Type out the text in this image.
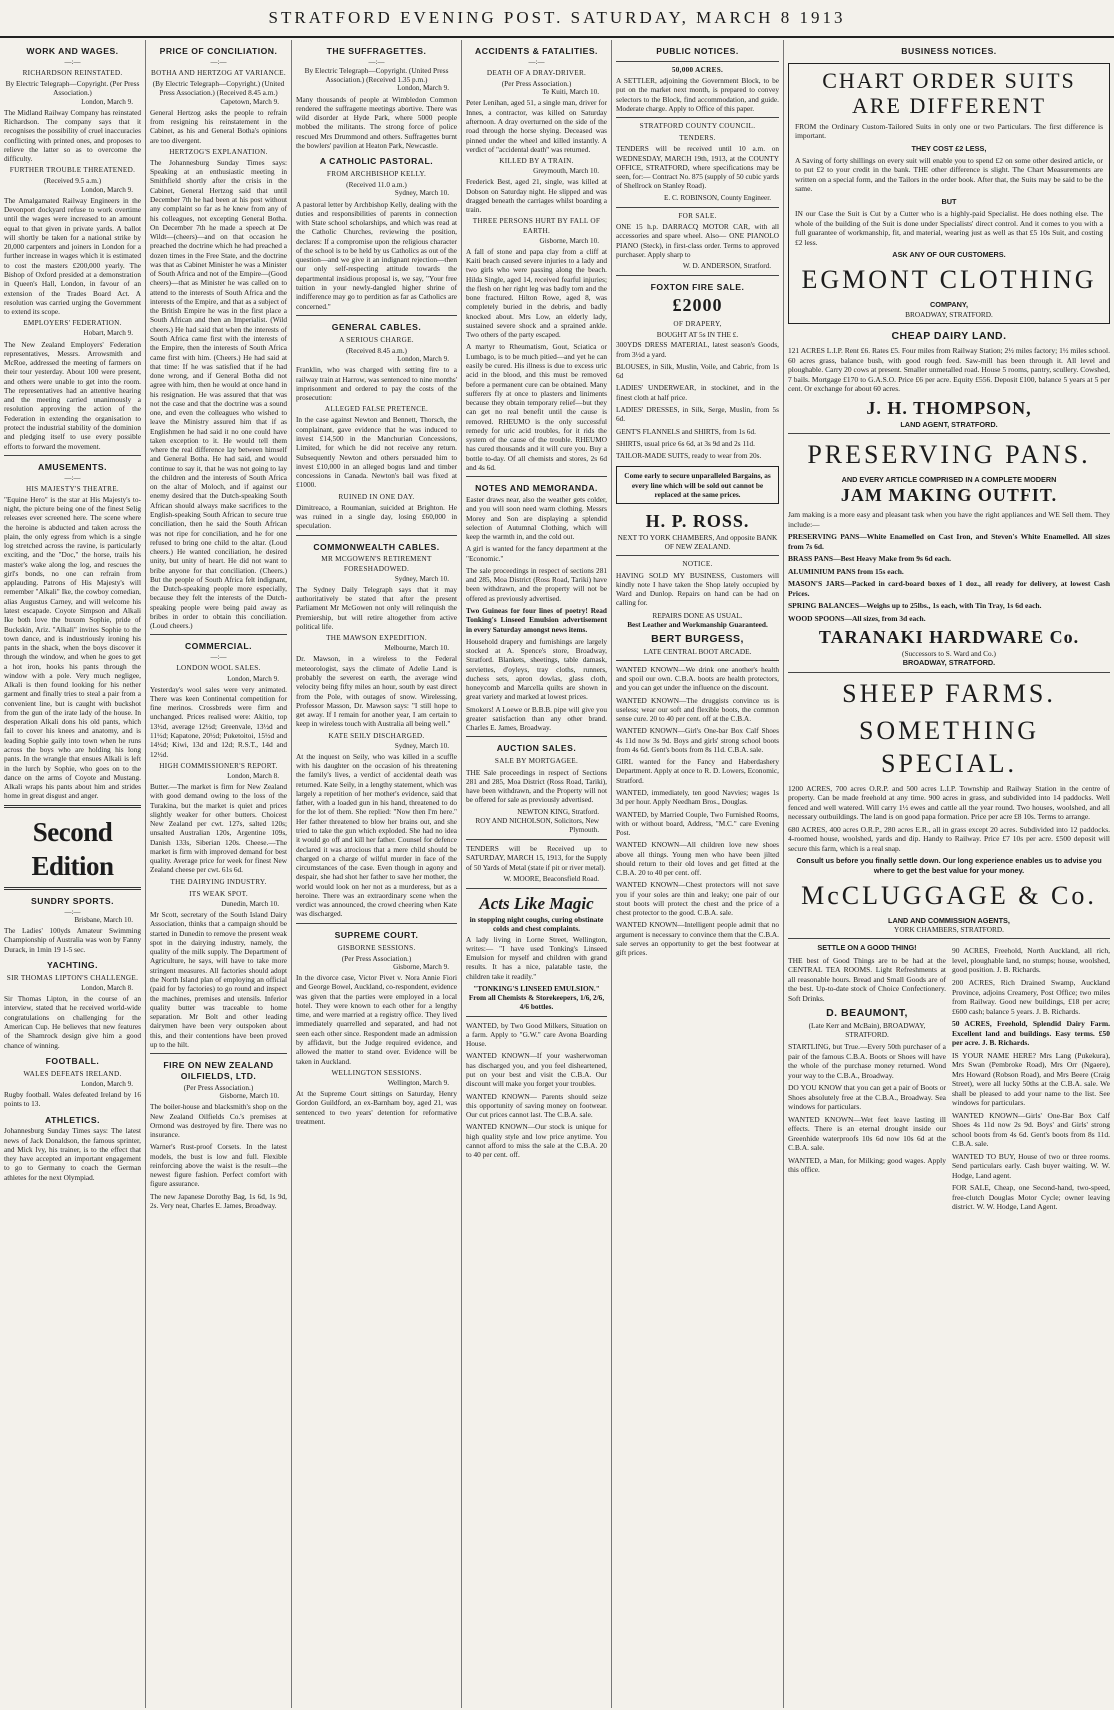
STRATFORD EVENING POST. SATURDAY, MARCH 8 1913
WORK AND WAGES.
—:—
RICHARDSON REINSTATED.
By Electric Telegraph—Copyright. (Per Press Association.)
London, March 9.
The Midland Railway Company has reinstated Richardson. The company says that it recognises the possibility of cruel inaccuracies conflicting with printed ones, and proposes to relieve the latter so as to overcome the difficulty.
FURTHER TROUBLE THREATENED.
(Received 9.5 a.m.)
London, March 9.
The Amalgamated Railway Engineers in the Devonport dockyard refuse to work overtime until the wages were increased to an amount equal to that given in private yards. A ballot will shortly be taken for a national strike by 20,000 carpenters and joiners in London for a further increase in wages which it is estimated to cost the masters £200,000 yearly. The Bishop of Oxford presided at a demonstration in Queen's Hall, London, in favour of an extension of the Trades Board Act. A resolution was carried urging the Government to extend its scope.
EMPLOYERS' FEDERATION.
Hobart, March 9.
The New Zealand Employers' Federation representatives, Messrs. Arrowsmith and McRoe, addressed the meeting of farmers on their tour yesterday. About 100 were present, and others were unable to get into the room. The representatives had an attentive hearing and the meeting carried unanimously a resolution approving the action of the Federation in extending the organisation to protect the industrial stability of the dominion and pledging itself to use every possible efforts to forward the movement.
AMUSEMENTS.
—:—
HIS MAJESTY'S THEATRE.
"Equine Hero" is the star at His Majesty's to-night, the picture being one of the finest Selig releases ever screened here. The scene where the heroine is abducted and taken across the plain, the only egress from which is a single log stretched across the ravine, is particularly exciting, and the "Doc," the horse, trails his master's wake along the log, and rescues the girl's bonds, no one can refrain from applauding. Patrons of His Majesty's will remember "Alkali" Ike, the cowboy comedian, alias Augustus Carney, and will welcome his latest escapade. Coyote Simpson and Alkali Ike both love the buxom Sophie, pride of Buckskin, Ariz. "Alkali" invites Sophie to the town dance, and is industriously ironing his pants in the shack, when the boys discover it through the window, and when he goes to get a hot iron, hooks his pants through the window with a pole. Very much negligee, Alkali is then found looking for his nether garment and finally tries to steal a pair from a convenient line, but is caught with buckshot from the gun of the irate lady of the house. In desperation Alkali dons his old pants, which fail to cover his knees and anatomy, and is leading Sophie gaily into town when he runs across the boys who are holding his long pants. In the wrangle that ensues Alkali is left in the lurch by Sophie, who goes on to the dance on the arms of Coyote and Mustang. Alkali wraps his pants about him and strides home in great disgust and anger.
Second Edition
SUNDRY SPORTS.
—:—
Brisbane, March 10.
The Ladies' 100yds Amateur Swimming Championship of Australia was won by Fanny Durack, in 1min 19 1-5 sec.
YACHTING.
SIR THOMAS LIPTON'S CHALLENGE.
London, March 8.
Sir Thomas Lipton, in the course of an interview, stated that he received world-wide congratulations on challenging for the American Cup. He believes that new features of the Shamrock design give him a good chance of winning.
FOOTBALL.
WALES DEFEATS IRELAND.
London, March 9.
Rugby football. Wales defeated Ireland by 16 points to 13.
ATHLETICS.
Johannesburg Sunday Times says: The latest news of Jack Donaldson, the famous sprinter, and Mick Ivy, his trainer, is to the effect that they have accepted an important engagement to go to Germany to coach the German athletes for the next Olympiad.
PRICE OF CONCILIATION.
—:—
BOTHA AND HERTZOG AT VARIANCE.
(By Electric Telegraph—Copyright.) (United Press Association.) (Received 8.45 a.m.)
Capetown, March 9.
General Hertzog asks the people to refrain from resigning his reinstatement in the Cabinet, as his and General Botha's opinions are too divergent.
HERTZOG'S EXPLANATION.
The Johannesburg Sunday Times says: Speaking at an enthusiastic meeting in Smithfield shortly after the crisis in the Cabinet, General Hertzog said that until December 7th he had been at his post without any complaint so far as he knew from any of his colleagues, not excepting General Botha. On December 7th he made a speech at De Wildt—(cheers)—and on that occasion he preached the doctrine which he had preached a dozen times in the Free State, and the doctrine was that as Cabinet Minister he was a Minister of South Africa and not of the Empire—(Good cheers)—that as Minister he was called on to attend to the interests of South Africa and the interests of the Empire, and that as a subject of the British Empire he was in the first place a South African and then an Imperialist. (Wild cheers.) He had said that when the interests of South Africa came first with the interests of the Empire, then the interests of South Africa came first with him. (Cheers.) He had said at that time: If he was satisfied that if he had done wrong, and if General Botha did not agree with him, then he would at once hand in his resignation. He was assured that that was not the case and that the doctrine was a sound one, and even the colleagues who wished to leave the Ministry assured him that if as Englishmen he had said it no one could have taken exception to it. He would tell them where the real difference lay between himself and General Botha. He had said, and would continue to say it, that he was not going to lay the children and the interests of South Africa on the altar of Moloch, and if against our enemy desired that the Dutch-speaking South African should always make sacrifices to the English-speaking South African to secure true conciliation, then he said the South African was not ripe for conciliation, and he for one refused to bring one child to the altar. (Loud cheers.) He wanted conciliation, he desired unity, but unity of heart. He did not want to bribe anyone for that conciliation. (Cheers.) But the people of South Africa felt indignant, the Dutch-speaking people more especially, because they felt the interests of the Dutch-speaking people were being paid away as bribes in order to obtain this conciliation. (Loud cheers.)
COMMERCIAL.
—:—
LONDON WOOL SALES.
London, March 9.
Yesterday's wool sales were very animated. There was keen Continental competition for fine merinos. Crossbreds were firm and unchanged. Prices realised were: Akitio, top 13½d, average 12½d; Greenvale, 13½d and 11½d; Kapatone, 20½d; Puketoitoi, 15½d and 14½d; Kiwi, 13d and 12d; R.S.T., 14d and 12½d.
HIGH COMMISSIONER'S REPORT.
London, March 8.
Butter.—The market is firm for New Zealand with good demand owing to the loss of the Turakina, but the market is quiet and prices slightly weaker for other butters. Choicest New Zealand per cwt. 127s, salted 120s; unsalted Australian 120s, Argentine 109s, Danish 133s, Siberian 120s. Cheese.—The market is firm with improved demand for best quality. Average price for week for finest New Zealand cheese per cwt. 61s 6d.
THE DAIRYING INDUSTRY.
ITS WEAK SPOT.
Dunedin, March 10.
Mr Scott, secretary of the South Island Dairy Association, thinks that a campaign should be started in Dunedin to remove the present weak spot in the dairying industry, namely, the quality of the milk supply. The Department of Agriculture, he says, will have to take more stringent measures. All factories should adopt the North Island plan of employing an official (paid for by factories) to go round and inspect the machines, premises and utensils. Inferior quality butter was traceable to home separation. Mr Bolt and other leading dairymen have been very outspoken about this, and their contentions have been proved up to the hilt.
FIRE ON NEW ZEALAND OILFIELDS, LTD.
(Per Press Association.)
Gisborne, March 10.
The boiler-house and blacksmith's shop on the New Zealand Oilfields Co.'s premises at Ormond was destroyed by fire. There was no insurance.
Warner's Rust-proof Corsets. In the latest models, the bust is low and full. Flexible reinforcing above the waist is the result—the newest figure fashion. Perfect comfort with figure assurance.
The new Japanese Dorothy Bag, 1s 6d, 1s 9d, 2s. Very neat, Charles E. James, Broadway.
THE SUFFRAGETTES.
—:—
By Electric Telegraph—Copyright. (United Press Association.) (Received 1.35 p.m.)
London, March 9.
Many thousands of people at Wimbledon Common rendered the suffragette meetings abortive. There was wild disorder at Hyde Park, where 5000 people mobbed the militants. The strong force of police rescued Mrs Drummond and others. Suffragettes burnt the bowlers' pavilion at Heaton Park, Newcastle.
A CATHOLIC PASTORAL.
FROM ARCHBISHOP KELLY.
(Received 11.0 a.m.)
Sydney, March 10.
A pastoral letter by Archbishop Kelly, dealing with the duties and responsibilities of parents in connection with State school scholarships, and which was read at the Catholic Churches, reviewing the position, declares: If a compromise upon the religious character of the school is to be held by us Catholics as out of the question—and we give it an indignant rejection—then our only self-respecting attitude towards the departmental insidious proposal is, we say, "Your free tuition in your newly-dangled higher shrine of indifference may go to perdition as far as Catholics are concerned."
GENERAL CABLES.
A SERIOUS CHARGE.
(Received 8.45 a.m.)
London, March 9.
Franklin, who was charged with setting fire to a railway train at Harrow, was sentenced to nine months' imprisonment and ordered to pay the costs of the prosecution:
ALLEGED FALSE PRETENCE.
In the case against Newton and Bennett, Thorsch, the complainant, gave evidence that he was induced to invest £14,500 in the Manchurian Concessions, Limited, for which he did not receive any return. Subsequently Newton and others persuaded him to invest £10,000 in an alleged bogus land and timber concessions in Canada. Newton's bail was fixed at £1000.
RUINED IN ONE DAY.
Dimitreaco, a Roumanian, suicided at Brighton. He was ruined in a single day, losing £60,000 in speculation.
COMMONWEALTH CABLES.
MR MCGOWEN'S RETIREMENT FORESHADOWED.
Sydney, March 10.
The Sydney Daily Telegraph says that it may authoritatively be stated that after the present Parliament Mr McGowen not only will relinquish the Premiership, but will retire altogether from active political life.
THE MAWSON EXPEDITION.
Melbourne, March 10.
Dr. Mawson, in a wireless to the Federal meteorologist, says the climate of Adelie Land is probably the severest on earth, the average wind velocity being fifty miles an hour, south by east direct from the Pole, with outages of snow. Wirelessing, Professor Masson, Dr. Mawson says: "I still hope to get away. If I remain for another year, I am certain to keep in wireless touch with Australia all being well."
KATE SEILY DISCHARGED.
Sydney, March 10.
At the inquest on Seily, who was killed in a scuffle with his daughter on the occasion of his threatening the family's lives, a verdict of accidental death was returned. Kate Seily, in a lengthy statement, which was largely a repetition of her mother's evidence, said that father, with a loaded gun in his hand, threatened to do for the lot of them. She replied: "Now then I'm here." Her father threatened to blow her brains out, and she tried to take the gun which exploded. She had no idea it would go off and kill her father. Counsel for defence declared it was atrocious that a mere child should be charged on a charge of wilful murder in face of the circumstances of the case. Even though in agony and despair, she had shot her father to save her mother, the world would look on her not as a murderess, but as a heroine. There was an extraordinary scene when the verdict was announced, the crowd cheering when Kate was discharged.
SUPREME COURT.
GISBORNE SESSIONS.
(Per Press Association.)
Gisborne, March 9.
In the divorce case, Victor Pivet v. Nora Annie Fiori and George Bowel, Auckland, co-respondent, evidence was given that the parties were employed in a local hotel. They were known to each other for a lengthy time, and were married at a registry office. They lived immediately quarrelled and separated, and had not seen each other since. Respondent made an admission by affidavit, but the Judge required evidence, and allowed the matter to stand over. Evidence will be taken in Auckland.
WELLINGTON SESSIONS.
Wellington, March 9.
At the Supreme Court sittings on Saturday, Henry Gordon Guildford, an ex-Barnham boy, aged 21, was sentenced to two years' detention for reformative treatment.
ACCIDENTS & FATALITIES.
—:—
DEATH OF A DRAY-DRIVER.
(Per Press Association.)
Te Kuiti, March 10.
Peter Lenihan, aged 51, a single man, driver for Innes, a contractor, was killed on Saturday afternoon. A dray overturned on the side of the road through the horse shying. Deceased was pinned under the wheel and killed instantly. A verdict of "accidental death" was returned.
KILLED BY A TRAIN.
Greymouth, March 10.
Frederick Best, aged 21, single, was killed at Dobson on Saturday night. He slipped and was dragged beneath the carriages whilst boarding a train.
THREE PERSONS HURT BY FALL OF EARTH.
Gisborne, March 10.
A fall of stone and papa clay from a cliff at Kaiti beach caused severe injuries to a lady and two girls who were passing along the beach. Hilda Single, aged 14, received fearful injuries; the flesh on her right leg was badly torn and the bone fractured. Hilton Rowe, aged 8, was completely buried in the debris, and badly knocked about. Mrs Low, an elderly lady, sustained severe shock and a sprained ankle. Two others of the party escaped.
A martyr to Rheumatism, Gout, Sciatica or Lumbago, is to be much pitied—and yet he can easily be cured. His illness is due to excess uric acid in the blood, and this must be removed before a permanent cure can be obtained. Many sufferers fly at once to plasters and liniments because they obtain temporary relief—but they can get no real benefit until the cause is removed. RHEUMO is the only successful remedy for uric acid troubles, for it rids the system of the cause of the trouble. RHEUMO has cured thousands and it will cure you. Buy a bottle to-day. Of all chemists and stores, 2s 6d and 4s 6d.
NOTES AND MEMORANDA.
Easter draws near, also the weather gets colder, and you will soon need warm clothing. Messrs Morey and Son are displaying a splendid selection of Autumnal Clothing, which will keep the warmth in, and the cold out.
A girl is wanted for the fancy department at the "Economic."
The sale proceedings in respect of sections 281 and 285, Moa District (Ross Road, Tariki) have been withdrawn, and the property will not be offered as previously advertised.
Two Guineas for four lines of poetry! Read Tonking's Linseed Emulsion advertisement in every Saturday amongst news items.
Household drapery and furnishings are largely stocked at A. Spence's store, Broadway, Stratford. Blankets, sheetings, table damask, serviettes, d'oyleys, tray cloths, runners, duchess sets, apron dowlas, glass cloth, honeycomb and Marcella quilts are shown in great variety and marked at lowest prices.
Smokers! A Loewe or B.B.B. pipe will give you greater satisfaction than any other brand. Charles E. James, Broadway.
AUCTION SALES.
SALE BY MORTGAGEE.
THE Sale proceedings in respect of Sections 281 and 285, Moa District (Ross Road, Tariki), have been withdrawn, and the Property will not be offered for sale as previously advertised.
NEWTON KING, Stratford.
ROY AND NICHOLSON, Solicitors, New Plymouth.
TENDERS will be Received up to SATURDAY, MARCH 15, 1913, for the Supply of 50 Yards of Metal (state if pit or river metal).
W. MOORE, Beaconsfield Road.
Acts Like Magic
in stopping night coughs, curing obstinate colds and chest complaints.
A lady living in Lorne Street, Wellington, writes:— "I have used Tonking's Linseed Emulsion for myself and children with grand results. It has a nice, palatable taste, the children take it readily."
"TONKING'S LINSEED EMULSION."
From all Chemists & Storekeepers, 1/6, 2/6, 4/6 bottles.
WANTED, by Two Good Milkers, Situation on a farm. Apply to "G.W." care Avona Boarding House.
WANTED KNOWN—If your washerwoman has discharged you, and you feel disheartened, put on your best and visit the C.B.A. Our discount will make you forget your troubles.
WANTED KNOWN— Parents should seize this opportunity of saving money on footwear. Our cut prices cannot last. The C.B.A. sale.
WANTED KNOWN—Our stock is unique for high quality style and low price anytime. You cannot afford to miss the sale at the C.B.A. 20 to 40 per cent. off.
PUBLIC NOTICES.
50,000 ACRES.
A SETTLER, adjoining the Government Block, to be put on the market next month, is prepared to convey selectors to the Block, find accommodation, and guide. Moderate charge. Apply to Office of this paper.
STRATFORD COUNTY COUNCIL.
TENDERS.
TENDERS will be received until 10 a.m. on WEDNESDAY, MARCH 19th, 1913, at the COUNTY OFFICE, STRATFORD, where specifications may be seen, for:— Contract No. 875 (supply of 50 cubic yards of Shellrock on Stanley Road).
E. C. ROBINSON, County Engineer.
FOR SALE.
ONE 15 h.p. DARRACQ MOTOR CAR, with all accessories and spare wheel. Also— ONE PIANOLO PIANO (Steck), in first-class order. Terms to approved purchaser. Apply sharp to
W. D. ANDERSON, Stratford.
FOXTON FIRE SALE.
£2000
OF DRAPERY,
BOUGHT AT 5s IN THE £.
300YDS DRESS MATERIAL, latest season's Goods, from 3½d a yard.
BLOUSES, in Silk, Muslin, Voile, and Cabric, from 1s 6d
LADIES' UNDERWEAR, in stockinet, and in the finest cloth at half price.
LADIES' DRESSES, in Silk, Serge, Muslin, from 5s 6d.
GENT'S FLANNELS and SHIRTS, from 1s 6d.
SHIRTS, usual price 6s 6d, at 3s 9d and 2s 11d.
TAILOR-MADE SUITS, ready to wear from 20s.
Come early to secure unparalleled Bargains, as every line which will be sold out cannot be replaced at the same prices.
H. P. ROSS.
NEXT TO YORK CHAMBERS, And opposite BANK OF NEW ZEALAND.
NOTICE.
HAVING SOLD MY BUSINESS, Customers will kindly note I have taken the Shop lately occupied by Ward and Dunlop. Repairs on hand can be had on calling for.
REPAIRS DONE AS USUAL.
Best Leather and Workmanship Guaranteed.
BERT BURGESS,
LATE CENTRAL BOOT ARCADE.
WANTED KNOWN—We drink one another's health and spoil our own. C.B.A. boots are health protectors, and you can get under the influence on the discount.
WANTED KNOWN—The druggists convince us is useless; wear our soft and flexible boots, the common sense cure. 20 to 40 per cent. off at the C.B.A.
WANTED KNOWN—Girl's One-bar Box Calf Shoes 4s 11d now 3s 9d. Boys and girls' strong school boots from 4s 6d. Gent's boots from 8s 11d. C.B.A. sale.
GIRL wanted for the Fancy and Haberdashery Department. Apply at once to R. D. Lowers, Economic, Stratford.
WANTED, immediately, ten good Navvies; wages 1s 3d per hour. Apply Needham Bros., Douglas.
WANTED, by Married Couple, Two Furnished Rooms, with or without board, Address, "M.C." care Evening Post.
WANTED KNOWN—All children love new shoes above all things. Young men who have been jilted should return to their old loves and get fitted at the C.B.A. 20 to 40 per cent. off.
WANTED KNOWN—Chest protectors will not save you if your soles are thin and leaky; one pair of our stout boots will protect the chest and the price of a chest protector to the good. C.B.A. sale.
WANTED KNOWN—Intelligent people admit that no argument is necessary to convince them that the C.B.A. sale serves an opportunity to get the best footwear at gift prices.
BUSINESS NOTICES.
CHART ORDER SUITS ARE DIFFERENT
FROM the Ordinary Custom-Tailored Suits in only one or two Particulars. The first difference is important.
THEY COST £2 LESS,
A Saving of forty shillings on every suit will enable you to spend £2 on some other desired article, or to put £2 to your credit in the bank. THE other difference is slight. The Chart Measurements are written on a special form, and the Tailors in the order book. After that, the Suits may be said to be the same.
BUT
IN our Case the Suit is Cut by a Cutter who is a highly-paid Specialist. He does nothing else. The whole of the building of the Suit is done under Specialists' direct control. And it comes to you with a full guarantee of workmanship, fit, and material, wearing just as well as that £5 10s Suit, and costing £2 less.
ASK ANY OF OUR CUSTOMERS.
EGMONT CLOTHING
COMPANY,
BROADWAY, STRATFORD.
CHEAP DAIRY LAND.
121 ACRES L.I.P. Rent £6. Rates £5. Four miles from Railway Station; 2½ miles factory; 1½ miles school. 60 acres grass, balance bush, with good rough feed. Saw-mill has been through it. All level and ploughable. Carry 20 cows at present. Smaller unmetalled road. House 5 rooms, pantry, scullery. Cowshed, 7 bails. Mortgage £170 to G.A.S.O. Price £6 per acre. Equity £556. Deposit £100, balance 5 years at 5 per cent. Or exchange for about 60 acres.
J. H. THOMPSON,
LAND AGENT, STRATFORD.
PRESERVING PANS.
AND EVERY ARTICLE COMPRISED IN A COMPLETE MODERN
JAM MAKING OUTFIT.
Jam making is a more easy and pleasant task when you have the right appliances and WE Sell them. They include:—
PRESERVING PANS—White Enamelled on Cast Iron, and Steven's White Enamelled. All sizes from 7s 6d.
BRASS PANS—Best Heavy Make from 9s 6d each.
ALUMINIUM PANS from 15s each.
MASON'S JARS—Packed in card-board boxes of 1 doz., all ready for delivery, at lowest Cash Prices.
SPRING BALANCES—Weighs up to 25lbs., 1s each, with Tin Tray, 1s 6d each.
WOOD SPOONS—All sizes, from 3d each.
TARANAKI HARDWARE Co.
(Successors to S. Ward and Co.)
BROADWAY, STRATFORD.
SHEEP FARMS.
SOMETHING SPECIAL.
1200 ACRES, 700 acres O.R.P. and 500 acres L.I.P. Township and Railway Station in the centre of property. Can be made freehold at any time. 900 acres in grass, and subdivided into 14 paddocks. Well fenced and well watered. Will carry 1½ ewes and cattle all the year round. Two houses, woolshed, and all necessary outbuildings. The land is on good papa formation. Price per acre £8 10s. Terms to arrange.
680 ACRES, 400 acres O.R.P., 280 acres E.R., all in grass except 20 acres. Subdivided into 12 paddocks. 4-roomed house, woolshed, yards and dip. Handy to Railway. Price £7 10s per acre. £500 deposit will secure this farm, which is a real snap.
Consult us before you finally settle down. Our long experience enables us to advise you where to get the best value for your money.
McCLUGGAGE & Co.
LAND AND COMMISSION AGENTS,
YORK CHAMBERS, STRATFORD.
SETTLE ON A GOOD THING!
THE best of Good Things are to be had at the CENTRAL TEA ROOMS. Light Refreshments at all reasonable hours. Bread and Small Goods are of the best. Up-to-date stock of Choice Confectionery. Soft Drinks.
D. BEAUMONT,
(Late Kerr and McBain), BROADWAY, STRATFORD.
STARTLING, but True.—Every 50th purchaser of a pair of the famous C.B.A. Boots or Shoes will have the whole of the purchase money returned. Wond your way to the C.B.A., Broadway.
DO YOU KNOW that you can get a pair of Boots or Shoes absolutely free at the C.B.A., Broadway. Sea windows for particulars.
WANTED KNOWN—Wet feet leave lasting ill effects. There is an eternal drought inside our Greenhide waterproofs 10s 6d now 10s 6d at the C.B.A. sale.
WANTED, a Man, for Milking; good wages. Apply this office.
90 ACRES, Freehold, North Auckland, all rich, level, ploughable land, no stumps; house, woolshed, good position. J. B. Richards.
200 ACRES, Rich Drained Swamp, Auckland Province, adjoins Creamery, Post Office; two miles from Railway. Good new buildings, £18 per acre; £600 cash; balance 5 years. J. B. Richards.
50 ACRES, Freehold, Splendid Dairy Farm. Excellent land and buildings. Easy terms. £50 per acre. J. B. Richards.
IS YOUR NAME HERE? Mrs Lang (Pukekura), Mrs Swan (Pembroke Road), Mrs Orr (Ngaere), Mrs Howard (Robson Road), and Mrs Beere (Craig Street), were all lucky 50ths at the C.B.A. sale. We shall be pleased to add your name to the list. See windows for particulars.
WANTED KNOWN—Girls' One-Bar Box Calf Shoes 4s 11d now 2s 9d. Boys' and Girls' strong school boots from 4s 6d. Gent's boots from 8s 11d. C.B.A. sale.
WANTED TO BUY, House of two or three rooms. Send particulars early. Cash buyer waiting. W. W. Hodge, Land agent.
FOR SALE, Cheap, one Second-hand, two-speed, free-clutch Douglas Motor Cycle; owner leaving district. W. W. Hodge, Land Agent.
